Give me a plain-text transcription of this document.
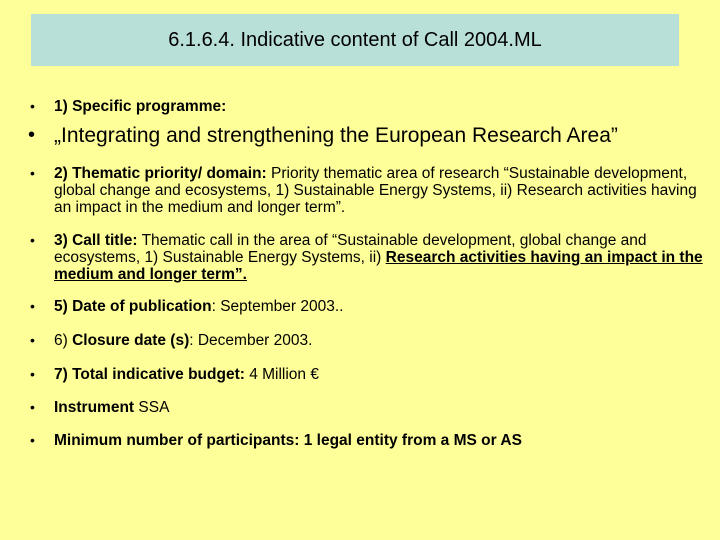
6.1.6.4. Indicative content of Call 2004.ML
• 1) Specific programme:
• „Integrating and strengthening the European Research Area”
• 2) Thematic priority/ domain: Priority thematic area of research “Sustainable development, global change and ecosystems, 1) Sustainable Energy Systems, ii) Research activities having an impact in the medium and longer term”.
• 3) Call title: Thematic call in the area of “Sustainable development, global change and ecosystems, 1) Sustainable Energy Systems, ii) Research activities having an impact in the medium and longer term”.
• 5) Date of publication: September 2003..
• 6) Closure date (s): December 2003.
• 7) Total indicative budget: 4 Million €
• Instrument SSA
• Minimum number of participants: 1 legal entity from a MS or AS
